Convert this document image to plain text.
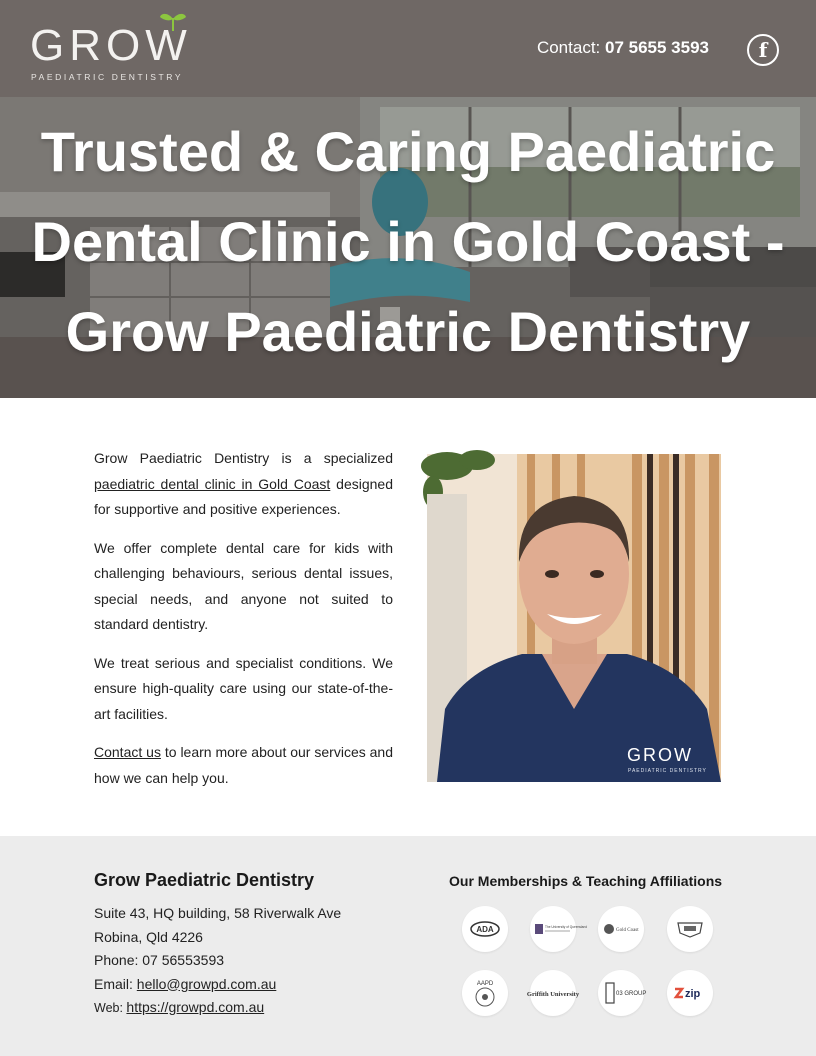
GROW
PAEDIATRIC DENTISTRY
Contact: 07 5655 3593	f
Trusted & Caring Paediatric Dental Clinic in Gold Coast - Grow Paediatric Dentistry

Grow Paediatric Dentistry is a specialized paediatric dental clinic in Gold Coast designed for supportive and positive experiences.

We offer complete dental care for kids with challenging behaviours, serious dental issues, special needs, and anyone not suited to standard dentistry.

We treat serious and specialist conditions. We ensure high-quality care using our state-of-the-art facilities.

Contact us to learn more about our services and how we can help you.

GROW
PAEDIATRIC DENTISTRY
Grow Paediatric Dentistry
Suite 43, HQ building, 58 Riverwalk Ave
Robina, Qld 4226
Phone: 07 56553593
Email: hello@growpd.com.au
Web: https://growpd.com.au
Our Memberships & Teaching Affiliations
ADA	The University of Queensland
Gold Coast
AAPD
Griffith University	03 GROUP	zip
